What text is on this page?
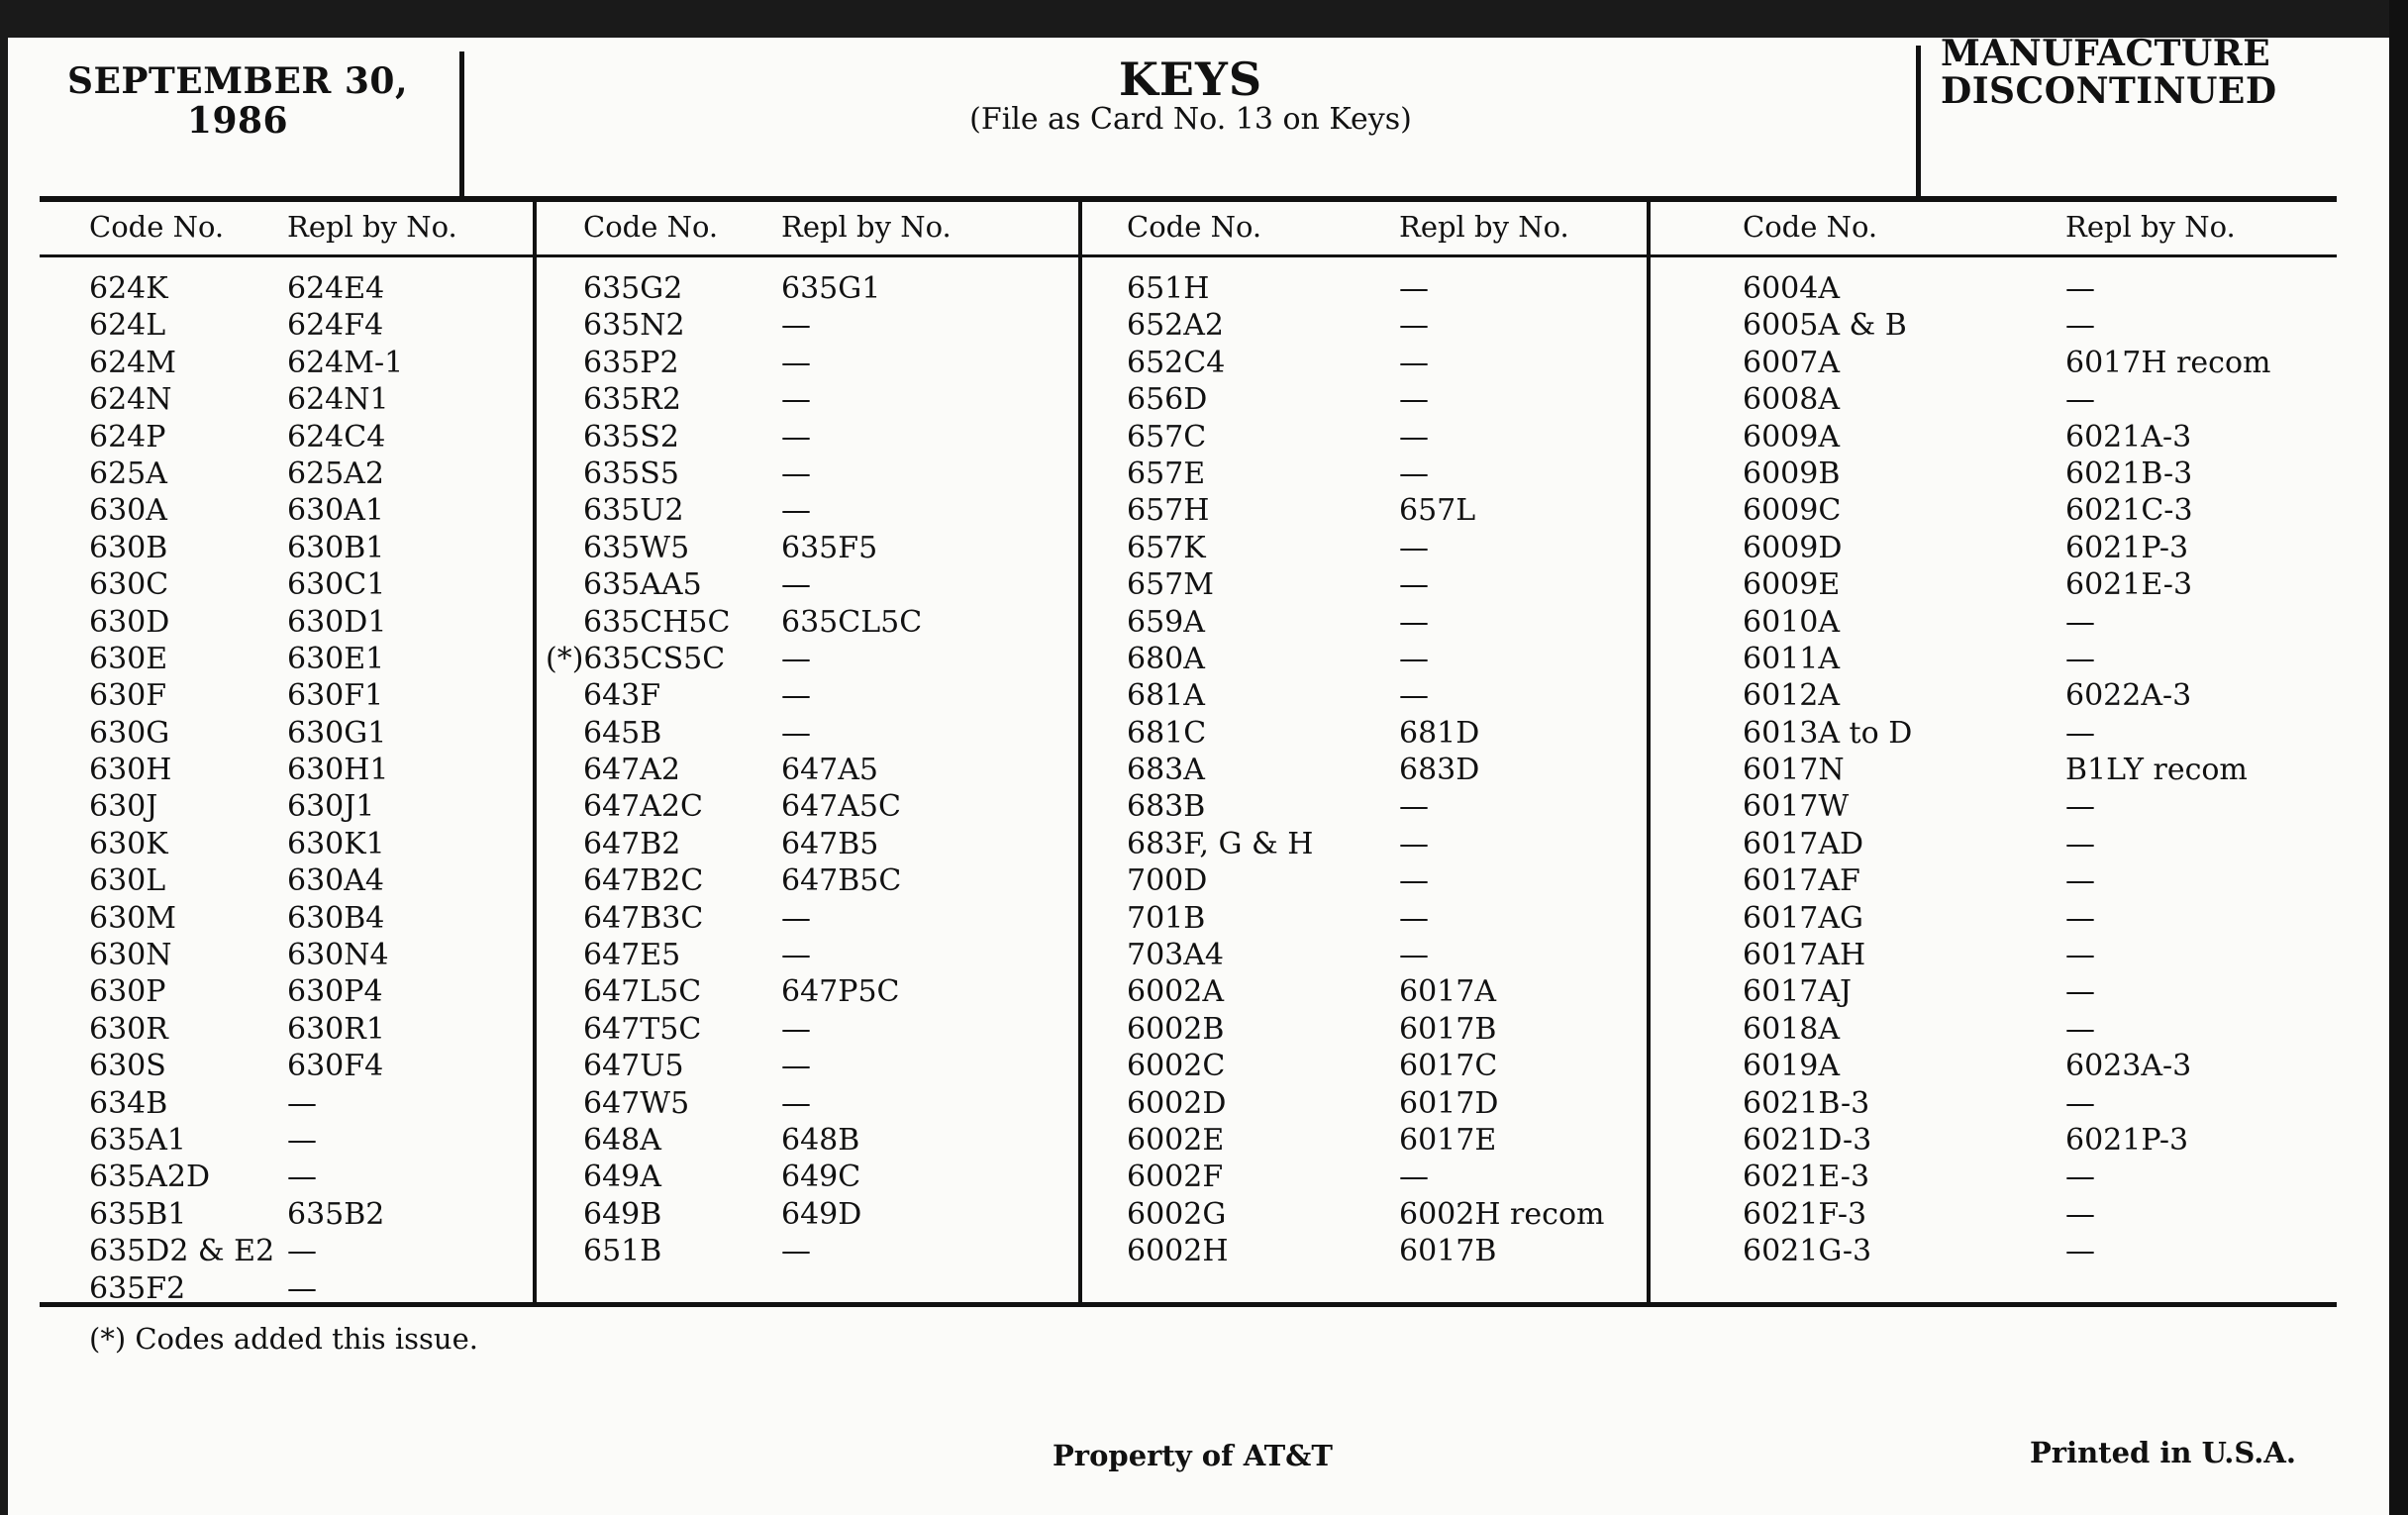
SEPTEMBER 30,
1986
KEYS
(File as Card No. 13 on Keys)
MANUFACTURE
DISCONTINUED
Code No. Repl by No.
624K	624E4
624L	624F4
624M	624M-1
624N	624N1
624P	624C4
625A	625A2
630A	630A1
630B	630B1
630C	630C1
630D	630D1
630E	630E1
630F	630F1
630G	630G1
630H	630H1
630J	630J1
630K	630K1
630L	630A4
630M	630B4
630N	630N4
630P	630P4
630R	630R1
630S	630F4
634B	—
635A1	—
635A2D	—
635B1	635B2
635D2 & E2 —
635F2	—
Code No. Repl by No.
635G2	635G1
635N2	—
635P2	—
635R2	—
635S2	—
635S5	—
635U2	—
635W5	635F5
635AA5	—
635CH5C 635CL5C
(*)635CS5C —
643F	—
645B	—
647A2	647A5
647A2C	647A5C
647B2	647B5
647B2C	647B5C
647B3C	—
647E5	—
647L5C	647P5C
647T5C	—
647U5	—
647W5	—
648A	648B
649A	649C
649B	649D
651B	—
Code No.	Repl by No.
651H	—
652A2	—
652C4	—
656D	—
657C	—
657E	—
657H	657L
657K	—
657M	—
659A	—
680A	—
681A	—
681C	681D
683A	683D
683B	—
683F, G & H	—
700D	—
701B	—
703A4	—
6002A	6017A
6002B	6017B
6002C	6017C
6002D	6017D
6002E	6017E
6002F	—
6002G	6002H recom
6002H	6017B
Code No.	Repl by No.
6004A	—
6005A & B	—
6007A	6017H recom
6008A	—
6009A	6021A-3
6009B	6021B-3
6009C	6021C-3
6009D	6021P-3
6009E	6021E-3
6010A	—
6011A	—
6012A	6022A-3
6013A to D	—
6017N	B1LY recom
6017W	—
6017AD	—
6017AF	—
6017AG	—
6017AH	—
6017AJ	—
6018A	—
6019A	6023A-3
6021B-3	—
6021D-3	6021P-3
6021E-3	—
6021F-3	—
6021G-3	—
(*) Codes added this issue.
Property of AT&T	Printed in U.S.A.
